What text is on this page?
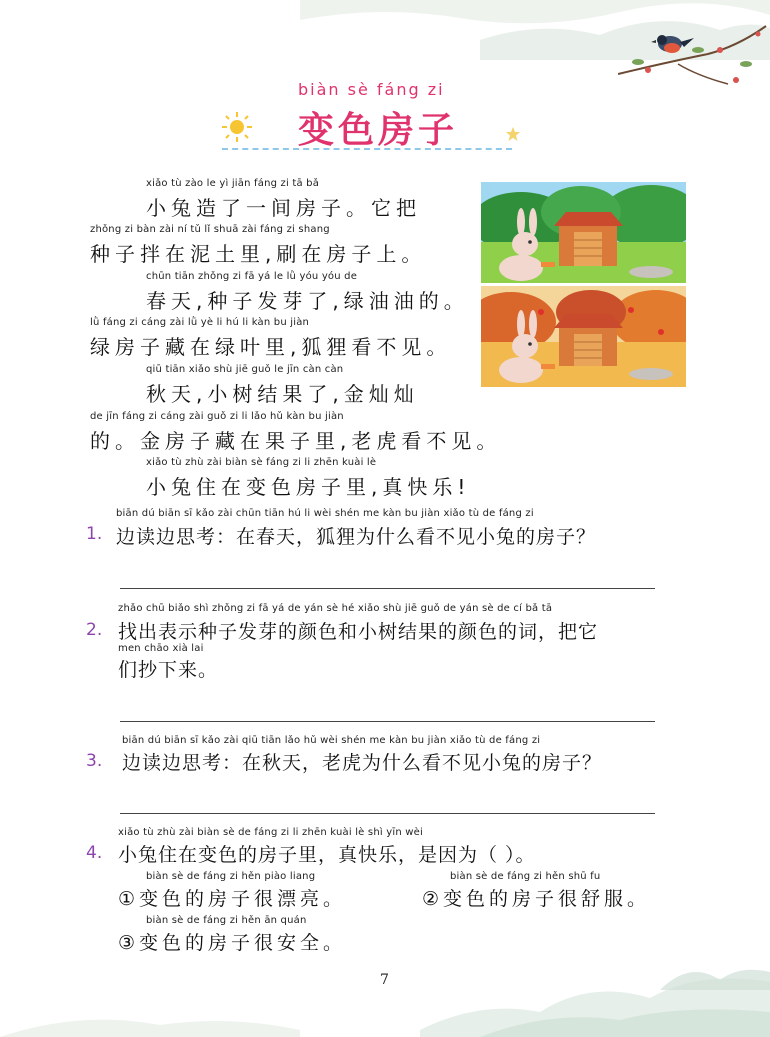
biàn sè fáng zi
变色房子
xiǎo tù zào le yì jiān fáng zi tā bǎ
小兔造了一间房子。它把
zhǒng zi bàn zài ní tǔ lǐ shuā zài fáng zi shang
种子拌在泥土里,刷在房子上。
chūn tiān zhǒng zi fā yá le lǜ yóu yóu de
春天,种子发芽了,绿油油的。
lǜ fáng zi cáng zài lǜ yè li hú li kàn bu jiàn
绿房子藏在绿叶里,狐狸看不见。
qiū tiān xiǎo shù jiē guǒ le jīn càn càn
秋天,小树结果了,金灿灿
de jīn fáng zi cáng zài guǒ zi li lǎo hǔ kàn bu jiàn
的。金房子藏在果子里,老虎看不见。
xiǎo tù zhù zài biàn sè fáng zi li zhēn kuài lè
小兔住在变色房子里,真快乐!
biān dú biān sī kǎo zài chūn tiān hú li wèi shén me kàn bu jiàn xiǎo tù de fáng zi
1. 边读边思考：在春天，狐狸为什么看不见小兔的房子？
zhǎo chū biǎo shì zhǒng zi fā yá de yán sè hé xiǎo shù jiē guǒ de yán sè de cí bǎ tā
2. 找出表示种子发芽的颜色和小树结果的颜色的词，把它
men chāo xià lai
们抄下来。
biān dú biān sī kǎo zài qiū tiān lǎo hǔ wèi shén me kàn bu jiàn xiǎo tù de fáng zi
3. 边读边思考：在秋天，老虎为什么看不见小兔的房子？
xiǎo tù zhù zài biàn sè de fáng zi li zhēn kuài lè shì yīn wèi
4. 小兔住在变色的房子里，真快乐，是因为（ ）。
biàn sè de fáng zi hěn piào liang
①变色的房子很漂亮。
biàn sè de fáng zi hěn shū fu
②变色的房子很舒服。
biàn sè de fáng zi hěn ān quán
③变色的房子很安全。
7
